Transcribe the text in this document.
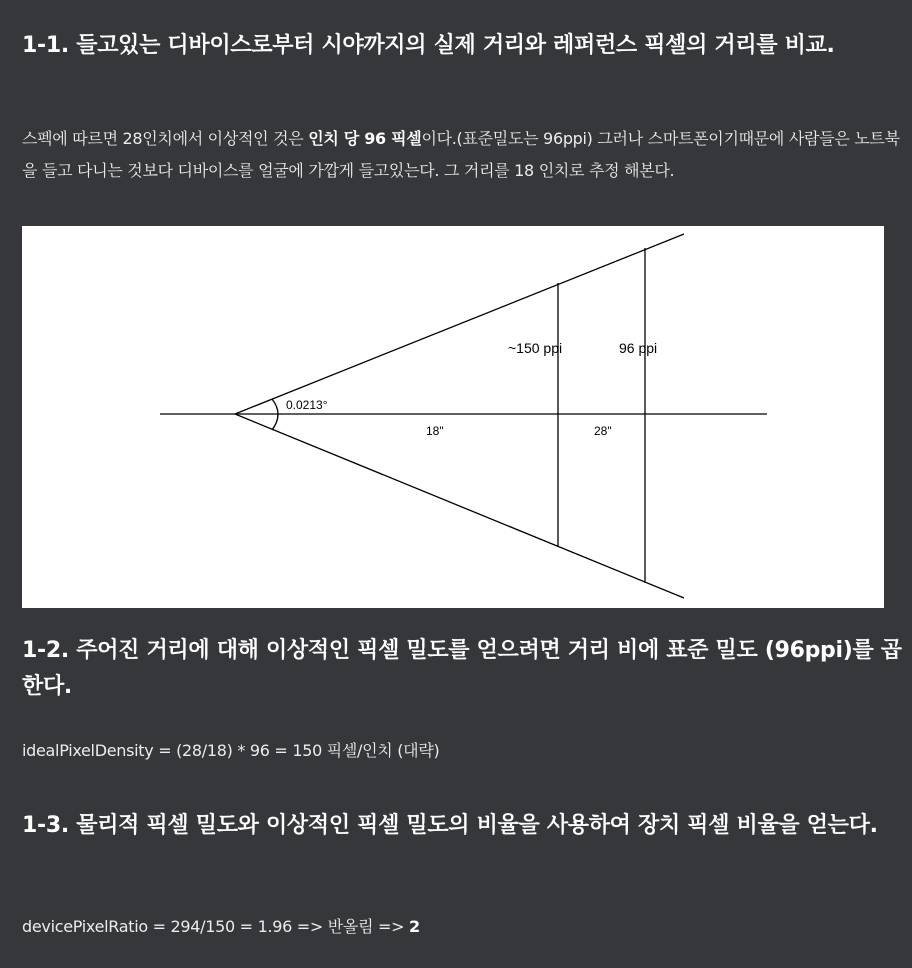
1-1. 들고있는 디바이스로부터 시야까지의 실제 거리와 레퍼런스 픽셀의 거리를 비교.

스펙에 따르면 28인치에서 이상적인 것은 인치 당 96 픽셀이다.(표준밀도는 96ppi) 그러나 스마트폰이기때문에 사람들은 노트북을 들고 다니는 것보다 디바이스를 얼굴에 가깝게 들고있는다. 그 거리를 18 인치로 추정 해본다.

0.0213°
18"	28"
~150 ppi	96 ppi
1-2. 주어진 거리에 대해 이상적인 픽셀 밀도를 얻으려면 거리 비에 표준 밀도 (96ppi)를 곱한다.

idealPixelDensity = (28/18) * 96 = 150 픽셀/인치 (대략)

1-3. 물리적 픽셀 밀도와 이상적인 픽셀 밀도의 비율을 사용하여 장치 픽셀 비율을 얻는다.

devicePixelRatio = 294/150 = 1.96 => 반올림 => 2
